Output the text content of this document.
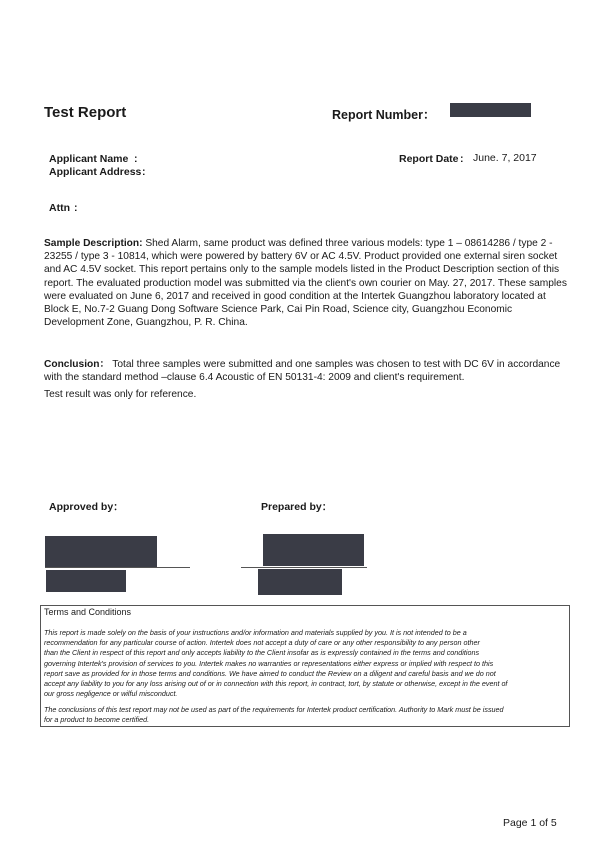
Test Report	Report Number：
Applicant Name :
Applicant Address :
Report Date : June. 7, 2017
Attn :
Sample Description: Shed Alarm, same product was defined three various models: type 1 – 08614286 / type 2 -
23255 / type 3 - 10814, which were powered by battery 6V or AC 4.5V. Product provided one external siren socket
and AC 4.5V socket. This report pertains only to the sample models listed in the Product Description section of this
report. The evaluated production model was submitted via the client's own courier on May. 27, 2017. These samples
were evaluated on June 6, 2017 and received in good condition at the Intertek Guangzhou laboratory located at
Block E, No.7-2 Guang Dong Software Science Park, Cai Pin Road, Science city, Guangzhou Economic
Development Zone, Guangzhou, P. R. China.
Conclusion： Total three samples were submitted and one samples was chosen to test with DC 6V in accordance
with the standard method –clause 6.4 Acoustic of EN 50131-4: 2009 and client's requirement.
Test result was only for reference.
Approved by：	Prepared by：
Terms and Conditions
This report is made solely on the basis of your instructions and/or information and materials supplied by you. It is not intended to be a
recommendation for any particular course of action. Intertek does not accept a duty of care or any other responsibility to any person other
than the Client in respect of this report and only accepts liability to the Client insofar as is expressly contained in the terms and conditions
governing Intertek's provision of services to you. Intertek makes no warranties or representations either express or implied with respect to this
report save as provided for in those terms and conditions. We have aimed to conduct the Review on a diligent and careful basis and we do not
accept any liability to you for any loss arising out of or in connection with this report, in contract, tort, by statute or otherwise, except in the event of
our gross negligence or wilful misconduct.
The conclusions of this test report may not be used as part of the requirements for Intertek product certification. Authority to Mark must be issued
for a product to become certified.
Page 1 of 5
